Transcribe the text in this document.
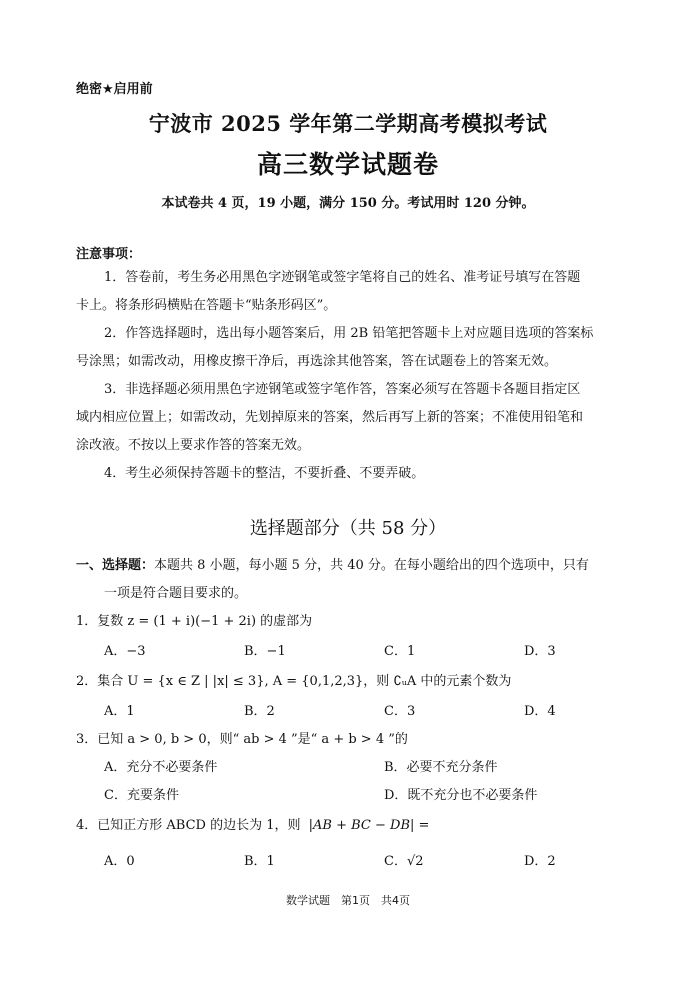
绝密★启用前
宁波市 2025 学年第二学期高考模拟考试
高三数学试题卷
本试卷共 4 页，19 小题，满分 150 分。考试用时 120 分钟。
注意事项：
1．答卷前，考生务必用黑色字迹钢笔或签字笔将自己的姓名、准考证号填写在答题
卡上。将条形码横贴在答题卡“贴条形码区”。
2．作答选择题时，选出每小题答案后，用 2B 铅笔把答题卡上对应题目选项的答案标
号涂黑；如需改动，用橡皮擦干净后，再选涂其他答案，答在试题卷上的答案无效。
3．非选择题必须用黑色字迹钢笔或签字笔作答，答案必须写在答题卡各题目指定区
域内相应位置上；如需改动，先划掉原来的答案，然后再写上新的答案；不准使用铅笔和
涂改液。不按以上要求作答的答案无效。
4．考生必须保持答题卡的整洁，不要折叠、不要弄破。
选择题部分（共 58 分）
一、选择题：本题共 8 小题，每小题 5 分，共 40 分。在每小题给出的四个选项中，只有
一项是符合题目要求的。
1．复数 z = (1 + i)(−1 + 2i) 的虚部为
A．−3	B．−1	C．1	D．3
2．集合 U = {x ∈ Z | |x| ≤ 3}, A = {0,1,2,3}，则 ∁ᵤA 中的元素个数为
A．1	B．2	C．3	D．4
3．已知 a > 0, b > 0，则“ ab > 4 ”是“ a + b > 4 ”的
A．充分不必要条件	B．必要不充分条件
C．充要条件	D．既不充分也不必要条件
4．已知正方形 ABCD 的边长为 1，则 |AB + BC − DB| =
A．0	B．1	C．√2	D．2
数学试题　第1页　共4页
